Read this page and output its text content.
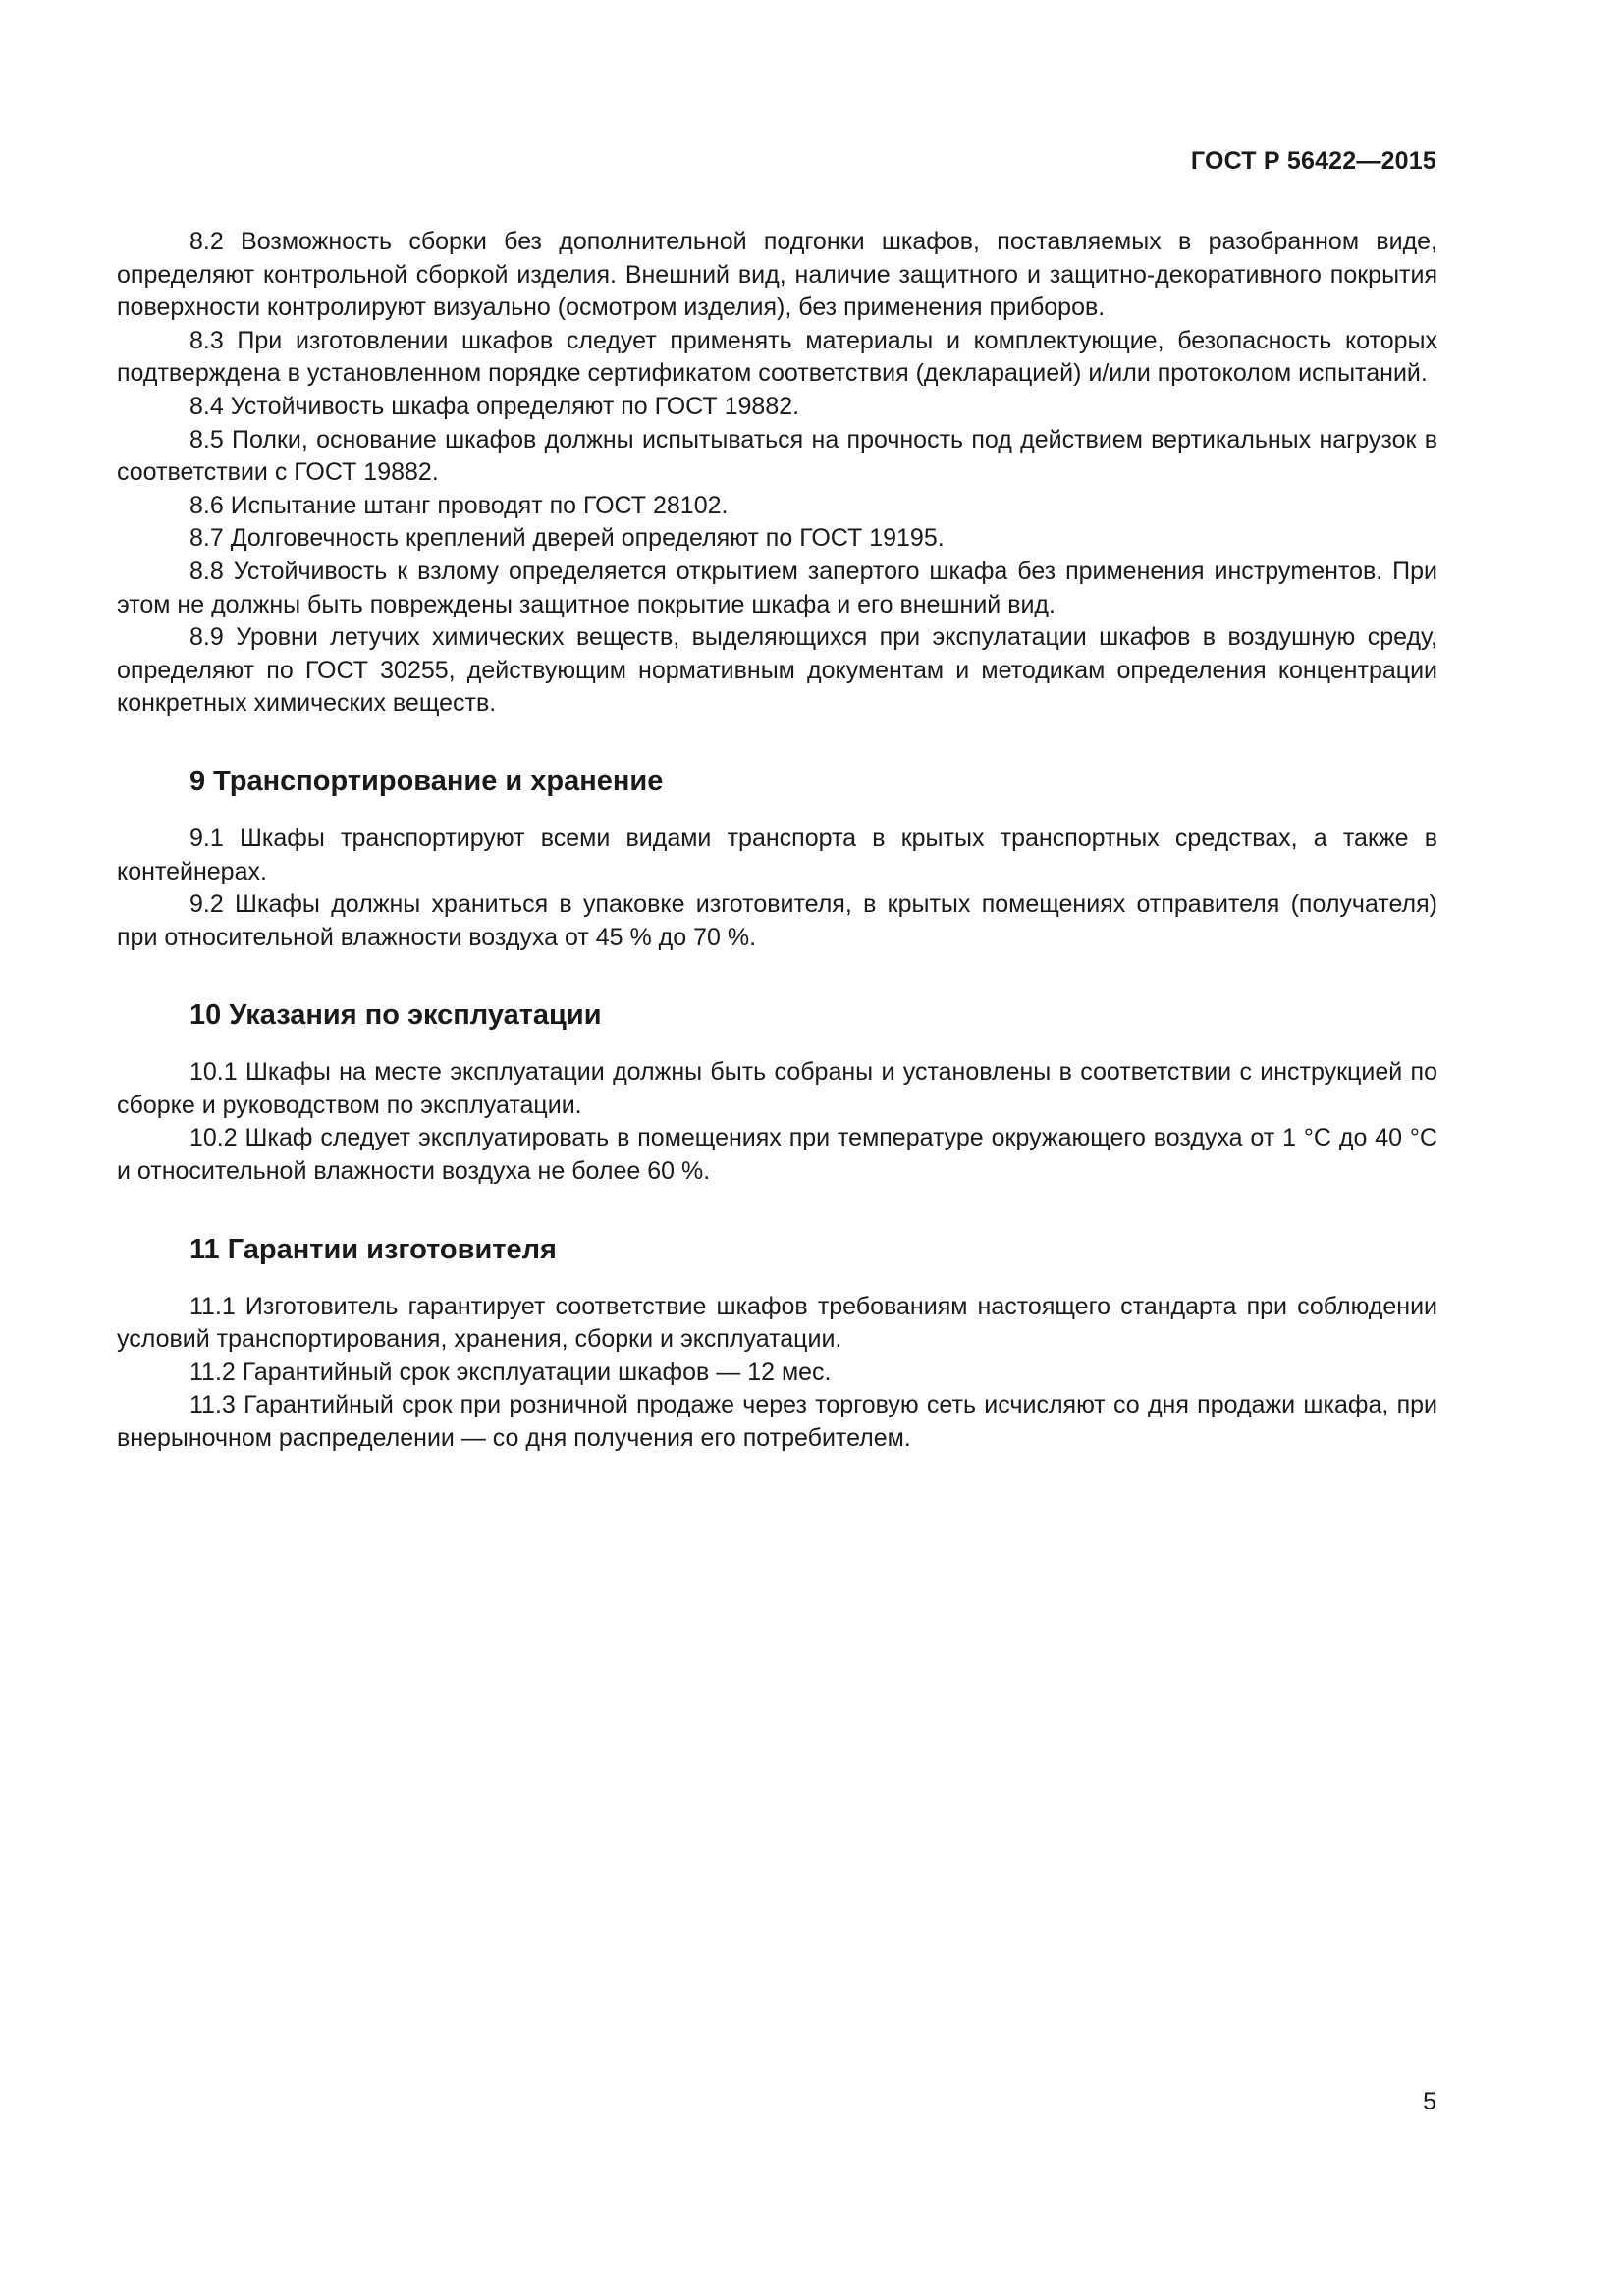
ГОСТ Р 56422—2015

8.2 Возможность сборки без дополнительной подгонки шкафов, поставляемых в разобранном виде, определяют контрольной сборкой изделия. Внешний вид, наличие защитного и защитно-декоративного покрытия поверхности контролируют визуально (осмотром изделия), без применения приборов.

8.3 При изготовлении шкафов следует применять материалы и комплектующие, безопасность которых подтверждена в установленном порядке сертификатом соответствия (декларацией) и/или протоколом испытаний.

8.4 Устойчивость шкафа определяют по ГОСТ 19882.

8.5 Полки, основание шкафов должны испытываться на прочность под действием вертикальных нагрузок в соответствии с ГОСТ 19882.

8.6 Испытание штанг проводят по ГОСТ 28102.

8.7 Долговечность креплений дверей определяют по ГОСТ 19195.

8.8 Устойчивость к взлому определяется открытием запертого шкафа без применения инструmентов. При этом не должны быть повреждены защитное покрытие шкафа и его внешний вид.

8.9 Уровни летучих химических веществ, выделяющихся при экспулатации шкафов в воздушную среду, определяют по ГОСТ 30255, действующим нормативным документам и методикам определения концентрации конкретных химических веществ.

9 Транспортирование и хранение

9.1 Шкафы транспортируют всеми видами транспорта в крытых транспортных средствах, а также в контейнерах.

9.2 Шкафы должны храниться в упаковке изготовителя, в крытых помещениях отправителя (получателя) при относительной влажности воздуха от 45 % до 70 %.

10 Указания по эксплуатации

10.1 Шкафы на месте эксплуатации должны быть собраны и установлены в соответствии с инструкцией по сборке и руководством по эксплуатации.

10.2 Шкаф следует эксплуатировать в помещениях при температуре окружающего воздуха от 1 °С до 40 °С и относительной влажности воздуха не более 60 %.

11 Гарантии изготовителя

11.1 Изготовитель гарантирует соответствие шкафов требованиям настоящего стандарта при соблюдении условий транспортирования, хранения, сборки и эксплуатации.

11.2 Гарантийный срок эксплуатации шкафов — 12 мес.

11.3 Гарантийный срок при розничной продаже через торговую сеть исчисляют со дня продажи шкафа, при внерыночном распределении — со дня получения его потребителем.

5
